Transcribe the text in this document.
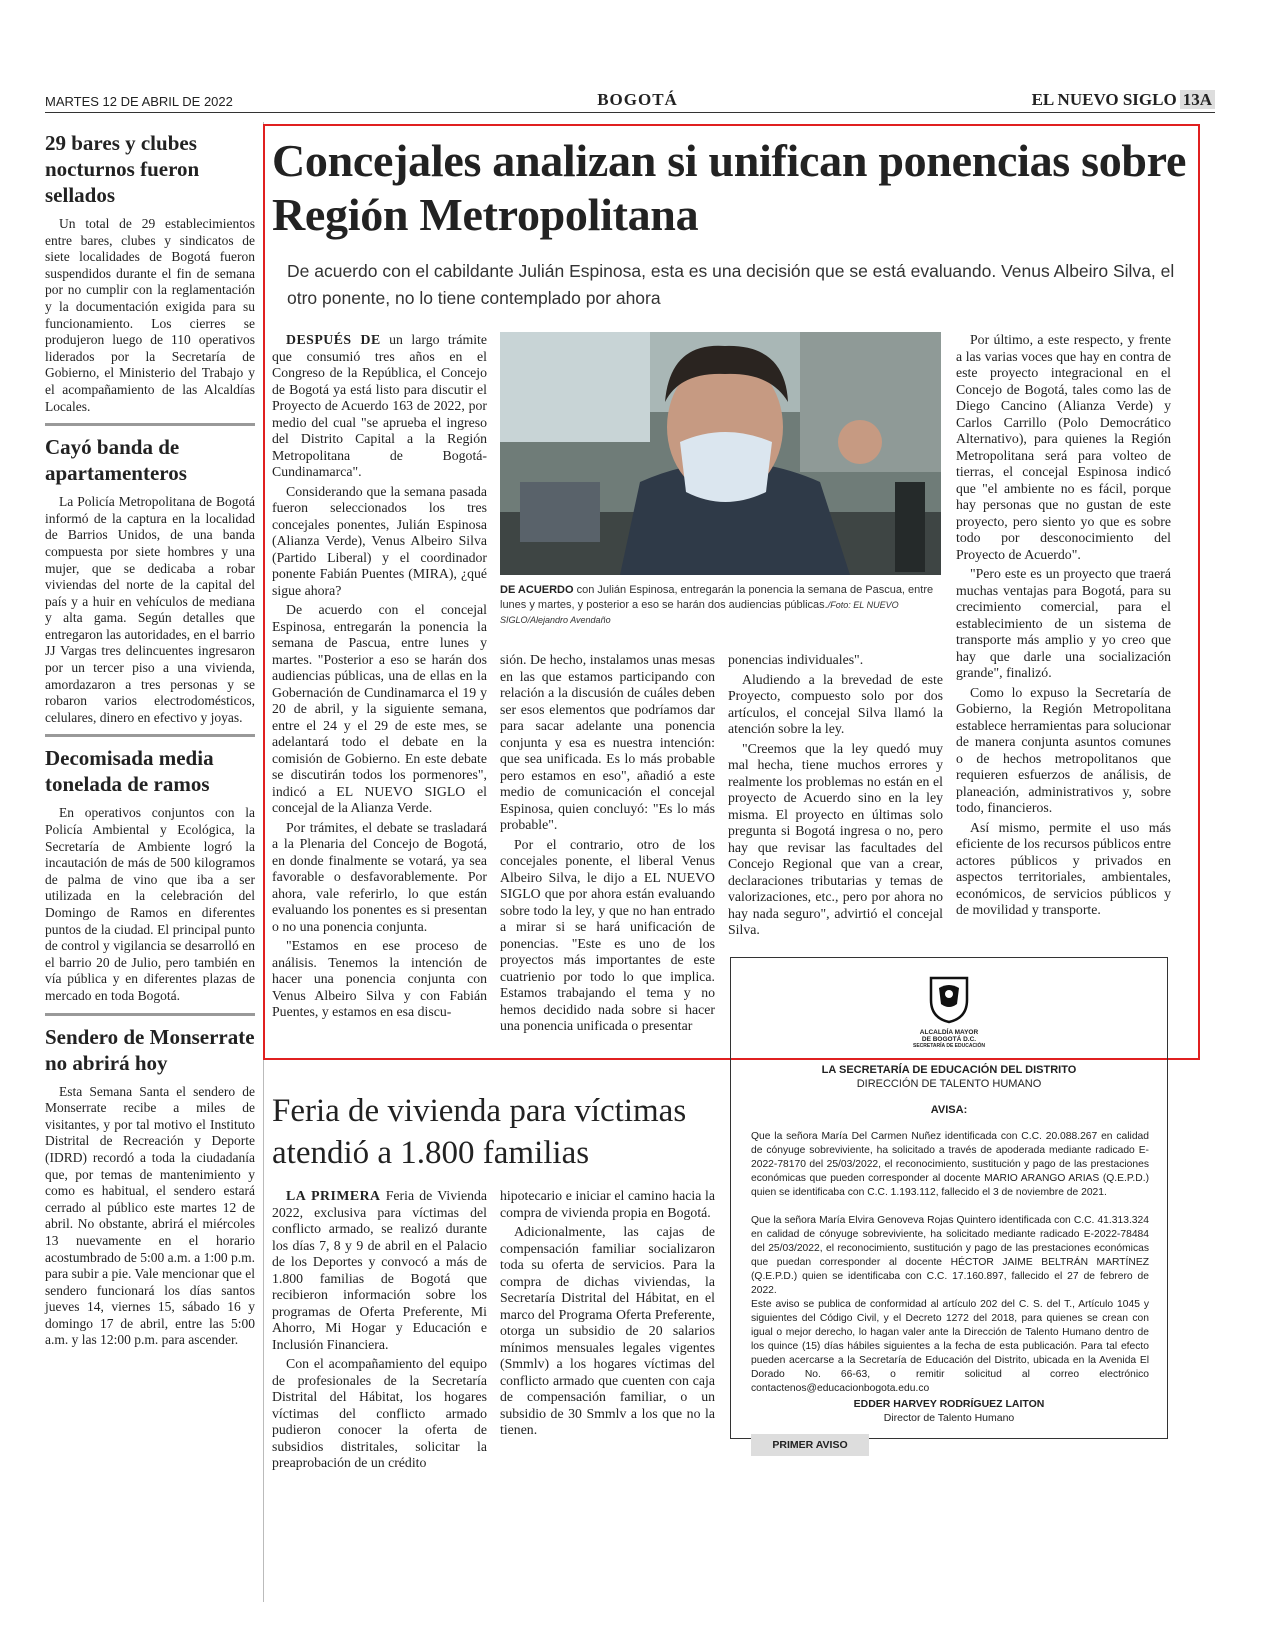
MARTES 12 DE ABRIL DE 2022	BOGOTÁ	EL NUEVO SIGLO 13A
29 bares y clubes nocturnos fueron sellados

Un total de 29 establecimientos entre bares, clubes y sindicatos de siete localidades de Bogotá fueron suspendidos durante el fin de semana por no cumplir con la reglamentación y la documentación exigida para su funcionamiento. Los cierres se produjeron luego de 110 operativos liderados por la Secretaría de Gobierno, el Ministerio del Trabajo y el acompañamiento de las Alcaldías Locales.

Cayó banda de apartamenteros

La Policía Metropolitana de Bogotá informó de la captura en la localidad de Barrios Unidos, de una banda compuesta por siete hombres y una mujer, que se dedicaba a robar viviendas del norte de la capital del país y a huir en vehículos de mediana y alta gama. Según detalles que entregaron las autoridades, en el barrio JJ Vargas tres delincuentes ingresaron por un tercer piso a una vivienda, amordazaron a tres personas y se robaron varios electrodomésticos, celulares, dinero en efectivo y joyas.

Decomisada media tonelada de ramos

En operativos conjuntos con la Policía Ambiental y Ecológica, la Secretaría de Ambiente logró la incautación de más de 500 kilogramos de palma de vino que iba a ser utilizada en la celebración del Domingo de Ramos en diferentes puntos de la ciudad. El principal punto de control y vigilancia se desarrolló en el barrio 20 de Julio, pero también en vía pública y en diferentes plazas de mercado en toda Bogotá.

Sendero de Monserrate no abrirá hoy

Esta Semana Santa el sendero de Monserrate recibe a miles de visitantes, y por tal motivo el Instituto Distrital de Recreación y Deporte (IDRD) recordó a toda la ciudadanía que, por temas de mantenimiento y como es habitual, el sendero estará cerrado al público este martes 12 de abril. No obstante, abrirá el miércoles 13 nuevamente en el horario acostumbrado de 5:00 a.m. a 1:00 p.m. para subir a pie. Vale mencionar que el sendero funcionará los días santos jueves 14, viernes 15, sábado 16 y domingo 17 de abril, entre las 5:00 a.m. y las 12:00 p.m. para ascender.

Concejales analizan si unifican ponencias sobre Región Metropolitana
De acuerdo con el cabildante Julián Espinosa, esta es una decisión que se está evaluando. Venus Albeiro Silva, el otro ponente, no lo tiene contemplado por ahora

DESPUÉS DE un largo trámite que consumió tres años en el Congreso de la República, el Concejo de Bogotá ya está listo para discutir el Proyecto de Acuerdo 163 de 2022, por medio del cual "se aprueba el ingreso del Distrito Capital a la Región Metropolitana de Bogotá-Cundinamarca".

Considerando que la semana pasada fueron seleccionados los tres concejales ponentes, Julián Espinosa (Alianza Verde), Venus Albeiro Silva (Partido Liberal) y el coordinador ponente Fabián Puentes (MIRA), ¿qué sigue ahora?

De acuerdo con el concejal Espinosa, entregarán la ponencia la semana de Pascua, entre lunes y martes. "Posterior a eso se harán dos audiencias públicas, una de ellas en la Gobernación de Cundinamarca el 19 y 20 de abril, y la siguiente semana, entre el 24 y el 29 de este mes, se adelantará todo el debate en la comisión de Gobierno. En este debate se discutirán todos los pormenores", indicó a EL NUEVO SIGLO el concejal de la Alianza Verde.

Por trámites, el debate se trasladará a la Plenaria del Concejo de Bogotá, en donde finalmente se votará, ya sea favorable o desfavorablemente. Por ahora, vale referirlo, lo que están evaluando los ponentes es si presentan o no una ponencia conjunta.

"Estamos en ese proceso de análisis. Tenemos la intención de hacer una ponencia conjunta con Venus Albeiro Silva y con Fabián Puentes, y estamos en esa discu-

DE ACUERDO con Julián Espinosa, entregarán la ponencia la semana de Pascua, entre lunes y martes, y posterior a eso se harán dos audiencias públicas./Foto: EL NUEVO SIGLO/Alejandro Avendaño

sión. De hecho, instalamos unas mesas en las que estamos participando con relación a la discusión de cuáles deben ser esos elementos que podríamos dar para sacar adelante una ponencia conjunta y esa es nuestra intención: que sea unificada. Es lo más probable pero estamos en eso", añadió a este medio de comunicación el concejal Espinosa, quien concluyó: "Es lo más probable".

Por el contrario, otro de los concejales ponente, el liberal Venus Albeiro Silva, le dijo a EL NUEVO SIGLO que por ahora están evaluando sobre todo la ley, y que no han entrado a mirar si se hará unificación de ponencias. "Este es uno de los proyectos más importantes de este cuatrienio por todo lo que implica. Estamos trabajando el tema y no hemos decidido nada sobre si hacer una ponencia unificada o presentar

ponencias individuales".

Aludiendo a la brevedad de este Proyecto, compuesto solo por dos artículos, el concejal Silva llamó la atención sobre la ley.

"Creemos que la ley quedó muy mal hecha, tiene muchos errores y realmente los problemas no están en el proyecto de Acuerdo sino en la ley misma. El proyecto en últimas solo pregunta si Bogotá ingresa o no, pero hay que revisar las facultades del Concejo Regional que van a crear, declaraciones tributarias y temas de valorizaciones, etc., pero por ahora no hay nada seguro", advirtió el concejal Silva.

Por último, a este respecto, y frente a las varias voces que hay en contra de este proyecto integracional en el Concejo de Bogotá, tales como las de Diego Cancino (Alianza Verde) y Carlos Carrillo (Polo Democrático Alternativo), para quienes la Región Metropolitana será para volteo de tierras, el concejal Espinosa indicó que "el ambiente no es fácil, porque hay personas que no gustan de este proyecto, pero siento yo que es sobre todo por desconocimiento del Proyecto de Acuerdo".

"Pero este es un proyecto que traerá muchas ventajas para Bogotá, para su crecimiento comercial, para el establecimiento de un sistema de transporte más amplio y yo creo que hay que darle una socialización grande", finalizó.

Como lo expuso la Secretaría de Gobierno, la Región Metropolitana establece herramientas para solucionar de manera conjunta asuntos comunes o de hechos metropolitanos que requieren esfuerzos de análisis, de planeación, administrativos y, sobre todo, financieros.

Así mismo, permite el uso más eficiente de los recursos públicos entre actores públicos y privados en aspectos territoriales, ambientales, económicos, de servicios públicos y de movilidad y transporte.

Feria de vivienda para víctimas atendió a 1.800 familias

LA PRIMERA Feria de Vivienda 2022, exclusiva para víctimas del conflicto armado, se realizó durante los días 7, 8 y 9 de abril en el Palacio de los Deportes y convocó a más de 1.800 familias de Bogotá que recibieron información sobre los programas de Oferta Preferente, Mi Ahorro, Mi Hogar y Educación e Inclusión Financiera.

Con el acompañamiento del equipo de profesionales de la Secretaría Distrital del Hábitat, los hogares víctimas del conflicto armado pudieron conocer la oferta de subsidios distritales, solicitar la preaprobación de un crédito

hipotecario e iniciar el camino hacia la compra de vivienda propia en Bogotá.

Adicionalmente, las cajas de compensación familiar socializaron toda su oferta de servicios. Para la compra de dichas viviendas, la Secretaría Distrital del Hábitat, en el marco del Programa Oferta Preferente, otorga un subsidio de 20 salarios mínimos mensuales legales vigentes (Smmlv) a los hogares víctimas del conflicto armado que cuenten con caja de compensación familiar, o un subsidio de 30 Smmlv a los que no la tienen.

ALCALDÍA MAYOR
DE BOGOTÁ D.C.
SECRETARÍA DE EDUCACIÓN
LA SECRETARÍA DE EDUCACIÓN DEL DISTRITO
DIRECCIÓN DE TALENTO HUMANO
AVISA:
Que la señora María Del Carmen Nuñez identificada con C.C. 20.088.267 en calidad de cónyuge sobreviviente, ha solicitado a través de apoderada mediante radicado E-2022-78170 del 25/03/2022, el reconocimiento, sustitución y pago de las prestaciones económicas que pueden corresponder al docente MARIO ARANGO ARIAS (Q.E.P.D.) quien se identificaba con C.C. 1.193.112, fallecido el 3 de noviembre de 2021.
Que la señora María Elvira Genoveva Rojas Quintero identificada con C.C. 41.313.324 en calidad de cónyuge sobreviviente, ha solicitado mediante radicado E-2022-78484 del 25/03/2022, el reconocimiento, sustitución y pago de las prestaciones económicas que puedan corresponder al docente HÉCTOR JAIME BELTRÁN MARTÍNEZ (Q.E.P.D.) quien se identificaba con C.C. 17.160.897, fallecido el 27 de febrero de 2022.
Este aviso se publica de conformidad al artículo 202 del C. S. del T., Artículo 1045 y siguientes del Código Civil, y el Decreto 1272 del 2018, para quienes se crean con igual o mejor derecho, lo hagan valer ante la Dirección de Talento Humano dentro de los quince (15) días hábiles siguientes a la fecha de esta publicación. Para tal efecto pueden acercarse a la Secretaría de Educación del Distrito, ubicada en la Avenida El Dorado No. 66-63, o remitir solicitud al correo electrónico contactenos@educacionbogota.edu.co
EDDER HARVEY RODRÍGUEZ LAITON
Director de Talento Humano
PRIMER AVISO
